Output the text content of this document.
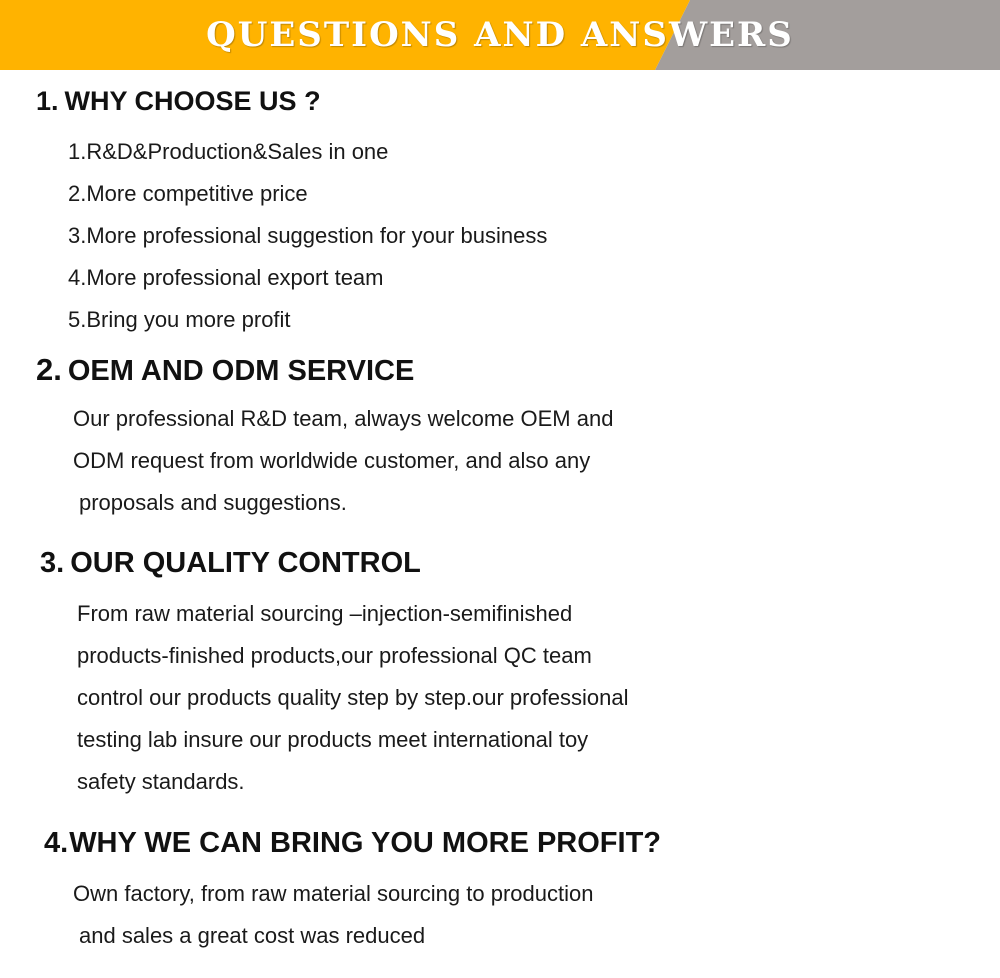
QUESTIONS AND ANSWERS
1. WHY CHOOSE US ?
1.R&D&Production&Sales in one
2.More competitive price
3.More professional suggestion for your business
4.More professional export team
5.Bring you more profit
2. OEM AND ODM SERVICE
Our professional R&D team, always welcome OEM and
ODM request from worldwide customer, and also any
proposals and suggestions.
3. OUR QUALITY CONTROL
From raw material sourcing –injection-semifinished
products-finished products,our professional QC team
control our products quality step by step.our professional
testing lab insure our products meet international toy
safety standards.
4.WHY WE CAN BRING YOU MORE PROFIT?
Own factory, from raw material sourcing to production
and sales a great cost was reduced
